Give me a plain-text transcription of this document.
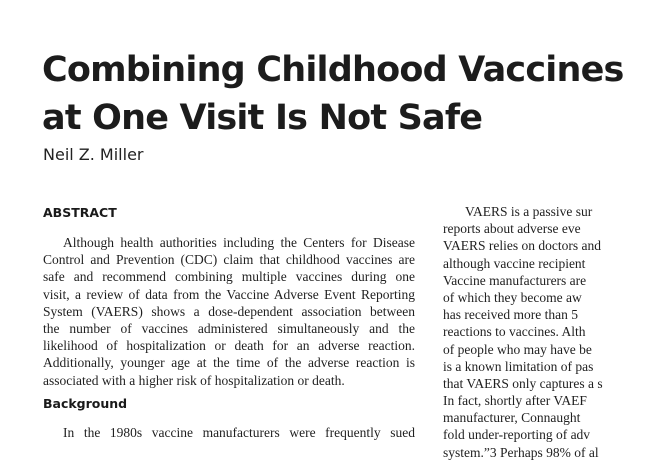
Combining Childhood Vaccines
at One Visit Is Not Safe
Neil Z. Miller
ABSTRACT
Although health authorities including the Centers for Disease
Control and Prevention (CDC) claim that childhood vaccines are
safe and recommend combining multiple vaccines during one
visit, a review of data from the Vaccine Adverse Event Reporting
System (VAERS) shows a dose-dependent association between
the number of vaccines administered simultaneously and the
likelihood of hospitalization or death for an adverse reaction.
Additionally, younger age at the time of the adverse reaction is
associated with a higher risk of hospitalization or death.
Background
In the 1980s vaccine manufacturers were frequently sued
VAERS is a passive sur
reports about adverse eve
VAERS relies on doctors and
although vaccine recipient
Vaccine manufacturers are
of which they become aw
has received more than 5
reactions to vaccines. Alth
of people who may have be
is a known limitation of pas
that VAERS only captures a s
In fact, shortly after VAEF
manufacturer, Connaught
fold under-reporting of adv
system.”3 Perhaps 98% of al
